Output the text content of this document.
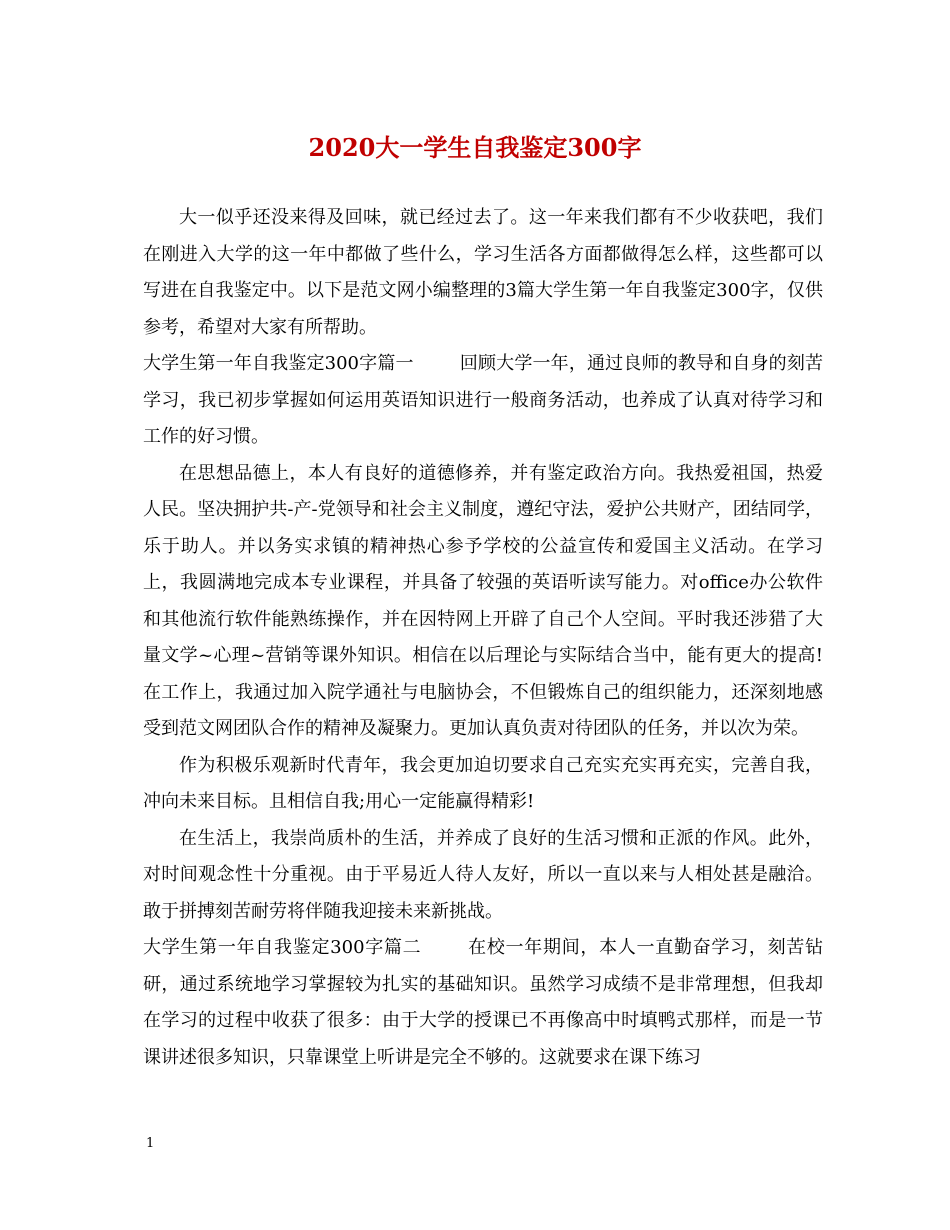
2020大一学生自我鉴定300字

大一似乎还没来得及回味，就已经过去了。这一年来我们都有不少收获吧，我们在刚进入大学的这一年中都做了些什么，学习生活各方面都做得怎么样，这些都可以写进在自我鉴定中。以下是范文网小编整理的3篇大学生第一年自我鉴定300字，仅供参考，希望对大家有所帮助。

大学生第一年自我鉴定300字篇一	回顾大学一年，通过良师的教导和自身的刻苦学习，我已初步掌握如何运用英语知识进行一般商务活动，也养成了认真对待学习和工作的好习惯。

在思想品德上，本人有良好的道德修养，并有鉴定政治方向。我热爱祖国，热爱人民。坚决拥护共-产-党领导和社会主义制度，遵纪守法，爱护公共财产，团结同学，乐于助人。并以务实求镇的精神热心参予学校的公益宣传和爱国主义活动。在学习上，我圆满地完成本专业课程，并具备了较强的英语听读写能力。对office办公软件和其他流行软件能熟练操作，并在因特网上开辟了自己个人空间。平时我还涉猎了大量文学~心理~营销等课外知识。相信在以后理论与实际结合当中，能有更大的提高!在工作上，我通过加入院学通社与电脑协会，不但锻炼自己的组织能力，还深刻地感受到范文网团队合作的精神及凝聚力。更加认真负责对待团队的任务，并以次为荣。

作为积极乐观新时代青年，我会更加迫切要求自己充实充实再充实，完善自我，冲向未来目标。且相信自我;用心一定能赢得精彩!

在生活上，我崇尚质朴的生活，并养成了良好的生活习惯和正派的作风。此外，对时间观念性十分重视。由于平易近人待人友好，所以一直以来与人相处甚是融洽。敢于拼搏刻苦耐劳将伴随我迎接未来新挑战。

大学生第一年自我鉴定300字篇二	在校一年期间，本人一直勤奋学习，刻苦钻研，通过系统地学习掌握较为扎实的基础知识。虽然学习成绩不是非常理想，但我却在学习的过程中收获了很多：由于大学的授课已不再像高中时填鸭式那样，而是一节课讲述很多知识，只靠课堂上听讲是完全不够的。这就要求在课下练习

1
